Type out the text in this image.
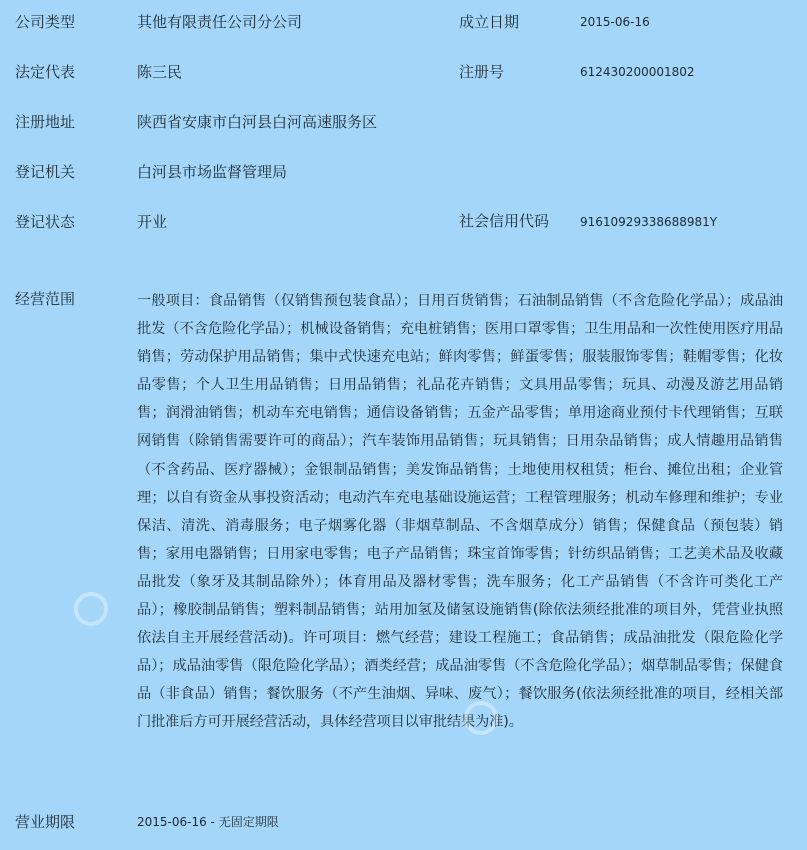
公司类型	其他有限责任公司分公司	成立日期	2015-06-16
法定代表	陈三民	注册号	612430200001802
注册地址	陕西省安康市白河县白河高速服务区
登记机关	白河县市场监督管理局
登记状态	开业	社会信用代码	91610929338688981Y
经营范围	一般项目：食品销售（仅销售预包装食品）；日用百货销售；石油制品销售（不含危险化学品）；成品油批发（不含危险化学品）；机械设备销售；充电桩销售；医用口罩零售；卫生用品和一次性使用医疗用品销售；劳动保护用品销售；集中式快速充电站；鲜肉零售；鲜蛋零售；服装服饰零售；鞋帽零售；化妆品零售；个人卫生用品销售；日用品销售；礼品花卉销售；文具用品零售；玩具、动漫及游艺用品销售；润滑油销售；机动车充电销售；通信设备销售；五金产品零售；单用途商业预付卡代理销售；互联网销售（除销售需要许可的商品）；汽车装饰用品销售；玩具销售；日用杂品销售；成人情趣用品销售（不含药品、医疗器械）；金银制品销售；美发饰品销售；土地使用权租赁；柜台、摊位出租；企业管理；以自有资金从事投资活动；电动汽车充电基础设施运营；工程管理服务；机动车修理和维护；专业保洁、清洗、消毒服务；电子烟雾化器（非烟草制品、不含烟草成分）销售；保健食品（预包装）销售；家用电器销售；日用家电零售；电子产品销售；珠宝首饰零售；针纺织品销售；工艺美术品及收藏品批发（象牙及其制品除外）；体育用品及器材零售；洗车服务；化工产品销售（不含许可类化工产品）；橡胶制品销售；塑料制品销售；站用加氢及储氢设施销售(除依法须经批准的项目外，凭营业执照依法自主开展经营活动)。许可项目：燃气经营；建设工程施工；食品销售；成品油批发（限危险化学品）；成品油零售（限危险化学品）；酒类经营；成品油零售（不含危险化学品）；烟草制品零售；保健食品（非食品）销售；餐饮服务（不产生油烟、异味、废气）；餐饮服务(依法须经批准的项目，经相关部门批准后方可开展经营活动，具体经营项目以审批结果为准)。
营业期限	2015-06-16 - 无固定期限
